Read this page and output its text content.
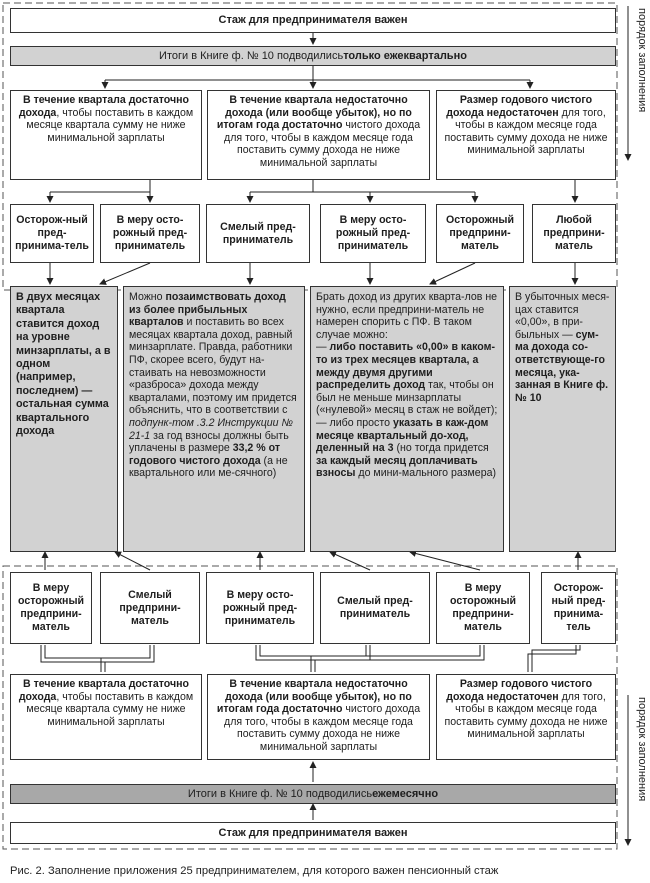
Стаж для предпринимателя важен
Итоги в Книге ф. № 10 подводились только ежеквартально
В течение квартала достаточно дохода, чтобы поставить в каждом месяце квартала сумму не ниже минимальной зарплаты
В течение квартала недостаточно дохода (или вообще убыток), но по итогам года достаточно чистого дохода для того, чтобы в каждом месяце года поставить сумму дохода не ниже минимальной зарплаты
Размер годового чистого дохода недостаточен для того, чтобы в каждом месяце года поставить сумму дохода не ниже минимальной зарплаты
Осторож-ный пред-принима-тель
В меру осто-рожный пред-приниматель
Смелый пред-приниматель
В меру осто-рожный пред-приниматель
Осторожный предприни-матель
Любой предприни-матель
В двух месяцах квартала ставится доход на уровне минзарплаты, а в одном (например, последнем) — остальная сумма квартального дохода
Можно позаимствовать доход из более прибыльных кварталов и поставить во всех месяцах квартала доход, равный минзарплате. Правда, работники ПФ, скорее всего, будут на-стаивать на невозможности «разброса» дохода между кварталами, поэтому им придется объяснить, что в соответствии с подпунк-том .3.2 Инструкции № 21-1 за год взносы должны быть уплачены в размере 33,2 % от годового чистого дохода (а не квартального или ме-сячного)
Брать доход из других кварта-лов не нужно, если предприни-матель не намерен спорить с ПФ. В таком случае можно:
— либо поставить «0,00» в каком-то из трех месяцев квартала, а между двумя другими распределить доход так, чтобы он был не меньше минзарплаты («нулевой» месяц в стаж не войдет);
— либо просто указать в каж-дом месяце квартальный до-ход, деленный на 3 (но тогда придется за каждый месяц доплачивать взносы до мини-мального размера)
В убыточных меся-цах ставится «0,00», в при-быльных — сум-ма дохода со-ответствующе-го месяца, ука-занная в Книге ф. № 10
В меру осторожный предприни-матель
Смелый предприни-матель
В меру осто-рожный пред-приниматель
Смелый пред-приниматель
В меру осторожный предприни-матель
Осторож-ный пред-принима-тель
В течение квартала достаточно дохода, чтобы поставить в каждом месяце квартала сумму не ниже минимальной зарплаты
В течение квартала недостаточно дохода (или вообще убыток), но по итогам года достаточно чистого дохода для того, чтобы в каждом месяце года поставить сумму дохода не ниже минимальной зарплаты
Размер годового чистого дохода недостаточен для того, чтобы в каждом месяце года поставить сумму дохода не ниже минимальной зарплаты
Итоги в Книге ф. № 10 подводились ежемесячно
Стаж для предпринимателя важен
порядок заполнения
порядок заполнения
Рис. 2. Заполнение приложения 25 предпринимателем, для которого важен пенсионный стаж
